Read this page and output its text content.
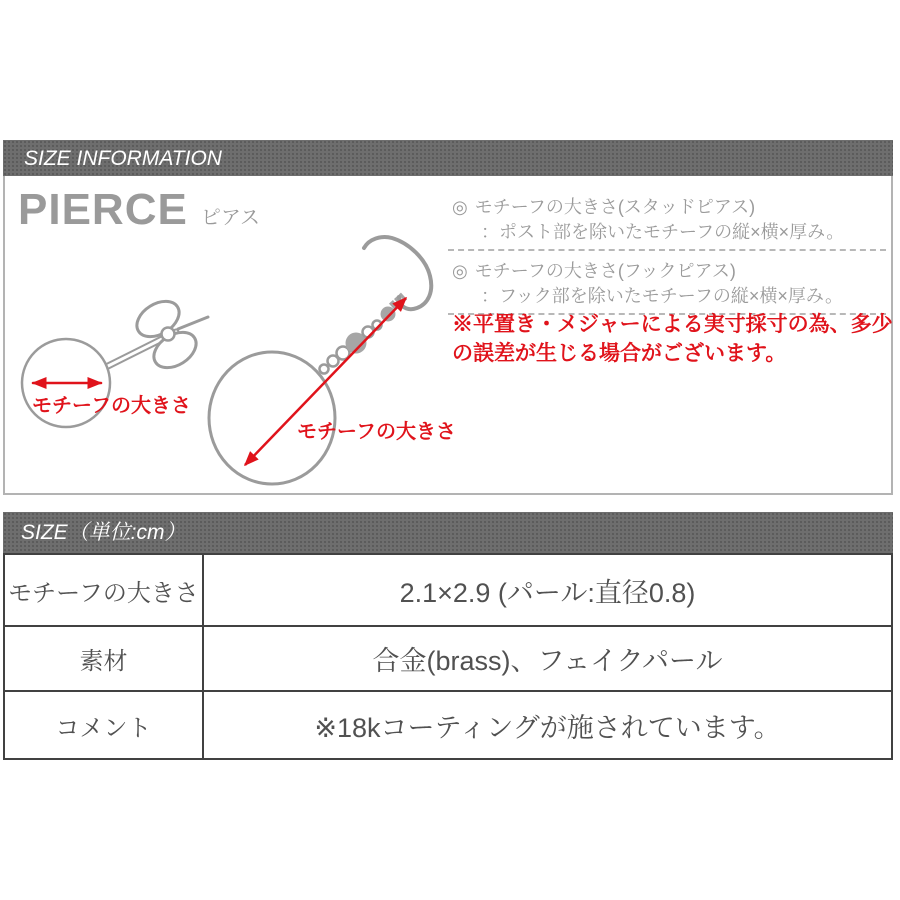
SIZE INFORMATION
PIERCE ピアス
モチーフの大きさ
モチーフの大きさ
◎ モチーフの大きさ(スタッドピアス)
：ポスト部を除いたモチーフの縦×横×厚み。
◎ モチーフの大きさ(フックピアス)
：フック部を除いたモチーフの縦×横×厚み。
※平置き・メジャーによる実寸採寸の為、多少
の誤差が生じる場合がございます。
SIZE（単位:cm）
モチーフの大きさ	2.1×2.9 (パール:直径0.8)
素材	合金(brass)、フェイクパール
コメント	※18kコーティングが施されています。
